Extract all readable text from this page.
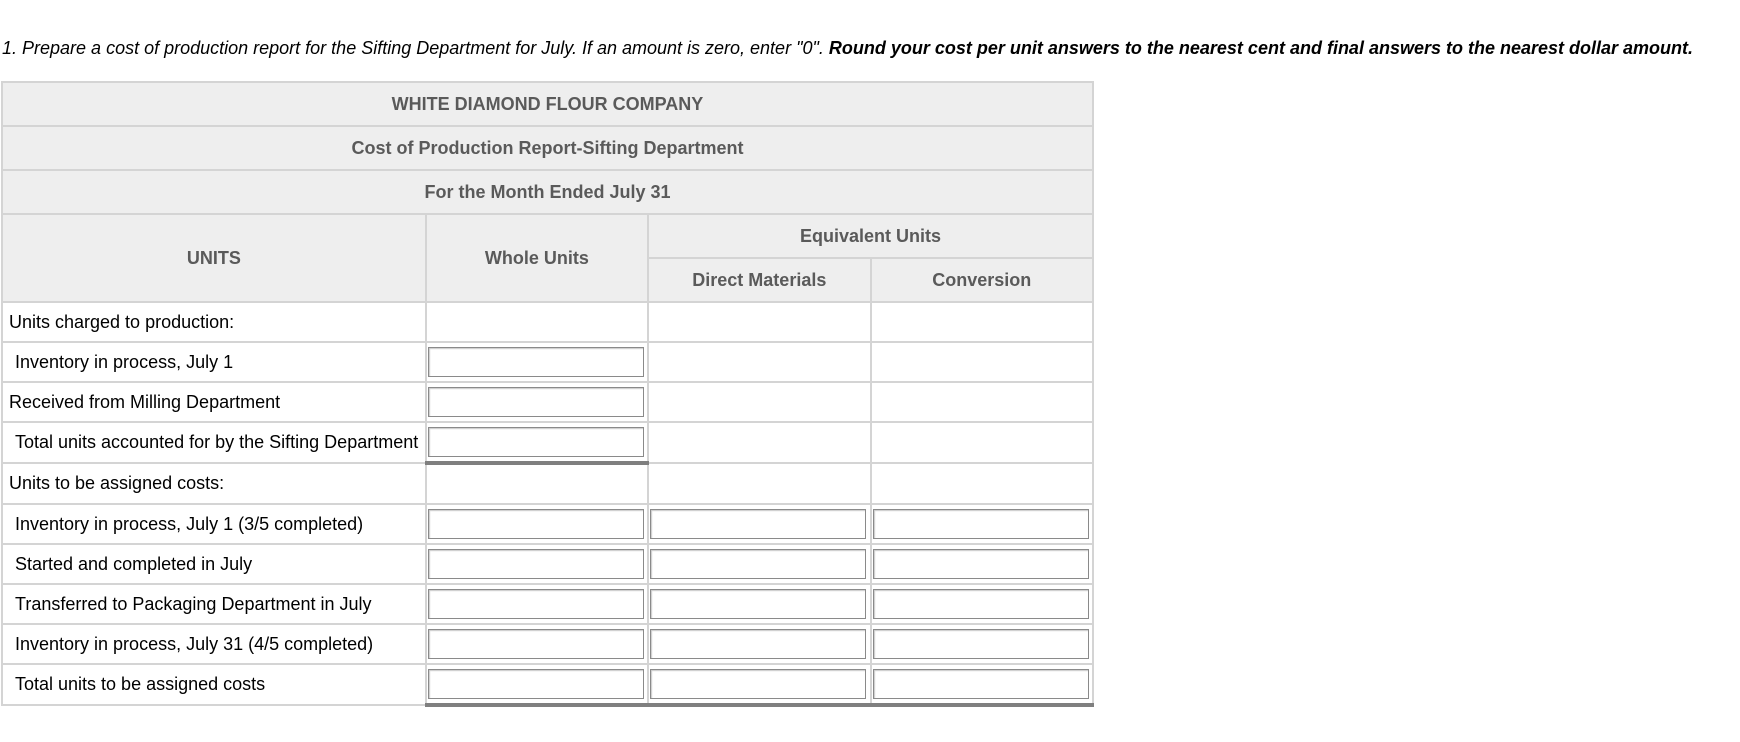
1. Prepare a cost of production report for the Sifting Department for July. If an amount is zero, enter "0". Round your cost per unit answers to the nearest cent and final answers to the nearest dollar amount.

WHITE DIAMOND FLOUR COMPANY			
Cost of Production Report-Sifting Department			
For the Month Ended July 31			
UNITS	Whole Units	Equivalent Units	
		Direct Materials	Conversion
Units charged to production:			
Inventory in process, July 1	

Received from Milling Department	

Total units accounted for by the Sifting Department	

Units to be assigned costs:			
Inventory in process, July 1 (3/5 completed)	

Started and completed in July	

Transferred to Packaging Department in July	

Inventory in process, July 31 (4/5 completed)	

Total units to be assigned costs	
